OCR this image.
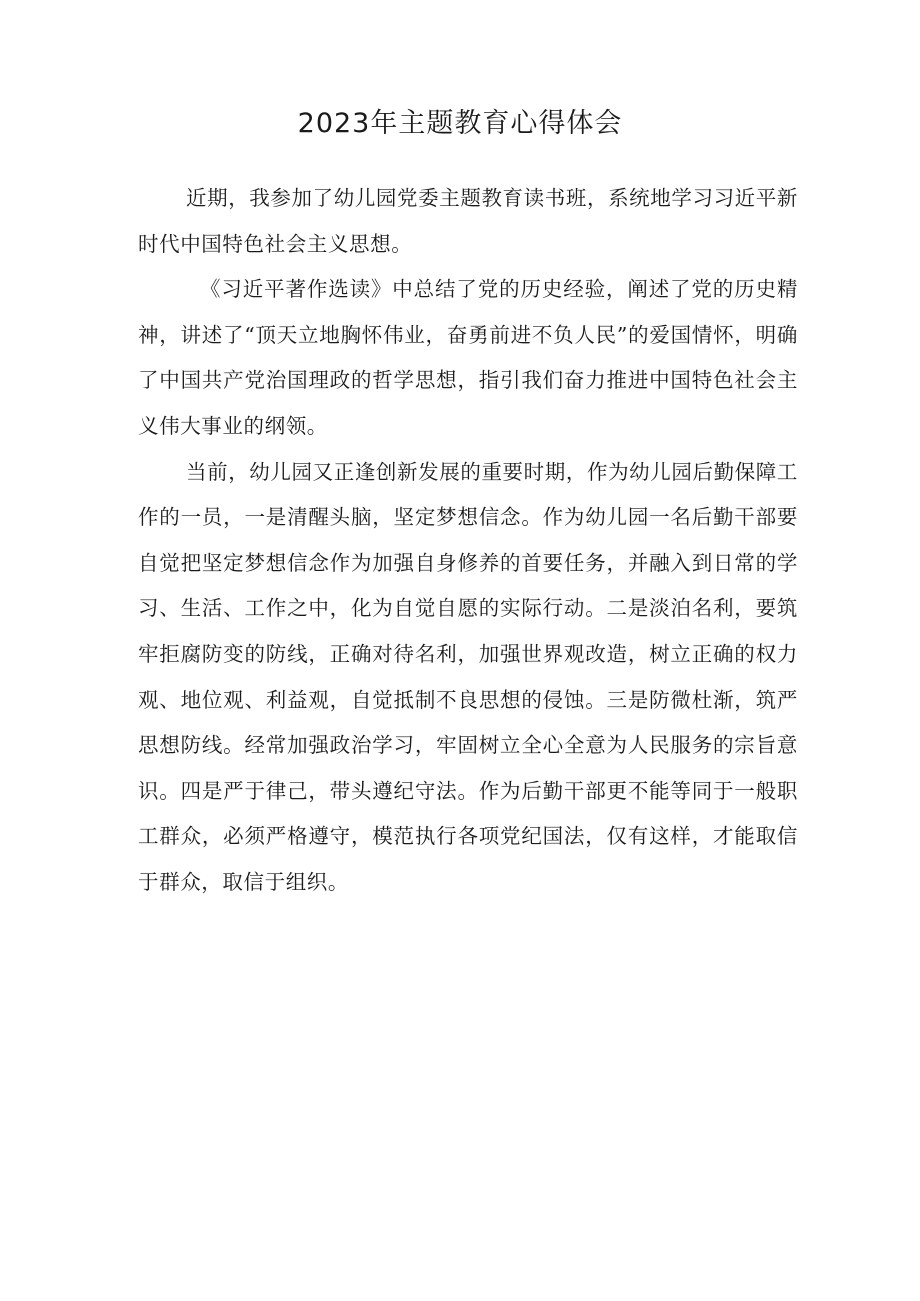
2023年主题教育心得体会

近期，我参加了幼儿园党委主题教育读书班，系统地学习习近平新时代中国特色社会主义思想。

《习近平著作选读》中总结了党的历史经验，阐述了党的历史精神，讲述了“顶天立地胸怀伟业，奋勇前进不负人民”的爱国情怀，明确了中国共产党治国理政的哲学思想，指引我们奋力推进中国特色社会主义伟大事业的纲领。

当前，幼儿园又正逢创新发展的重要时期，作为幼儿园后勤保障工作的一员，一是清醒头脑，坚定梦想信念。作为幼儿园一名后勤干部要自觉把坚定梦想信念作为加强自身修养的首要任务，并融入到日常的学习、生活、工作之中，化为自觉自愿的实际行动。二是淡泊名利，要筑牢拒腐防变的防线，正确对待名利，加强世界观改造，树立正确的权力观、地位观、利益观，自觉抵制不良思想的侵蚀。三是防微杜渐，筑严思想防线。经常加强政治学习，牢固树立全心全意为人民服务的宗旨意识。四是严于律己，带头遵纪守法。作为后勤干部更不能等同于一般职工群众，必须严格遵守，模范执行各项党纪国法，仅有这样，才能取信于群众，取信于组织。
